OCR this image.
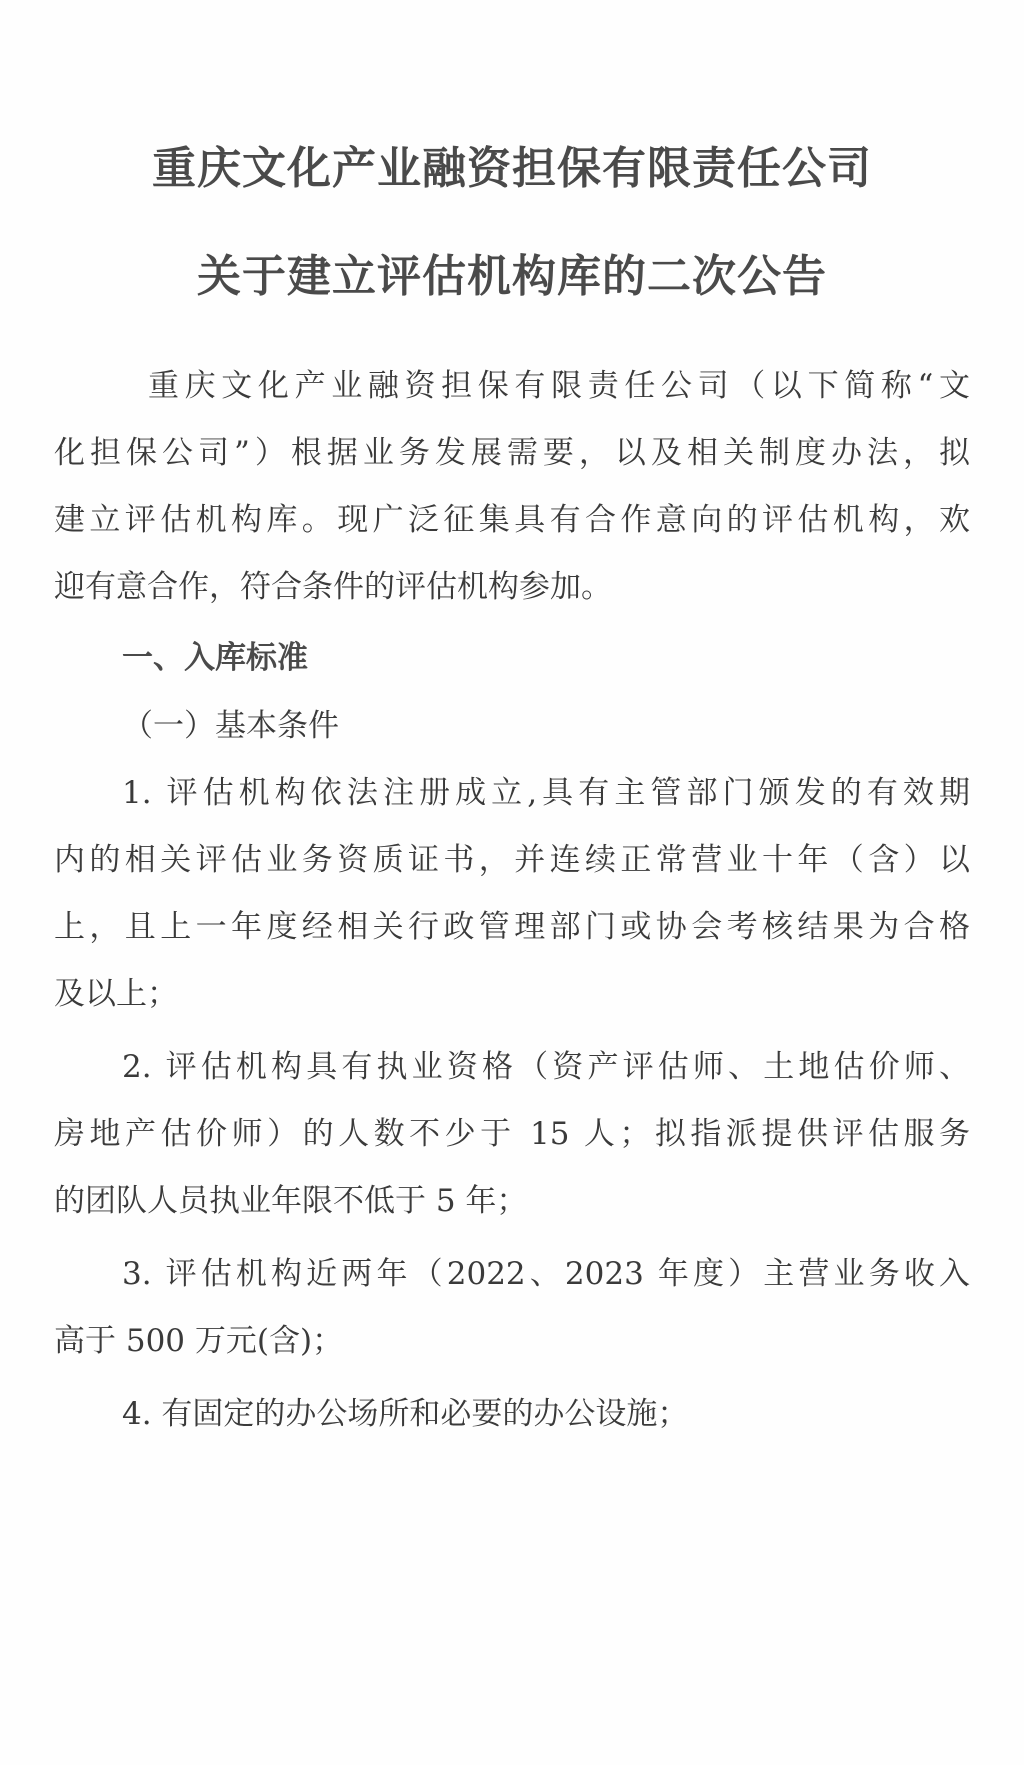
重庆文化产业融资担保有限责任公司
关于建立评估机构库的二次公告
重庆文化产业融资担保有限责任公司（以下简称“文
化担保公司”）根据业务发展需要，以及相关制度办法，拟
建立评估机构库。现广泛征集具有合作意向的评估机构，欢
迎有意合作，符合条件的评估机构参加。
一、入库标准
（一）基本条件
1. 评估机构依法注册成立,具有主管部门颁发的有效期
内的相关评估业务资质证书，并连续正常营业十年（含）以
上，且上一年度经相关行政管理部门或协会考核结果为合格
及以上；
2. 评估机构具有执业资格（资产评估师、土地估价师、
房地产估价师）的人数不少于 15 人；拟指派提供评估服务
的团队人员执业年限不低于 5 年；
3. 评估机构近两年（2022、2023 年度）主营业务收入
高于 500 万元(含)；
4. 有固定的办公场所和必要的办公设施；
